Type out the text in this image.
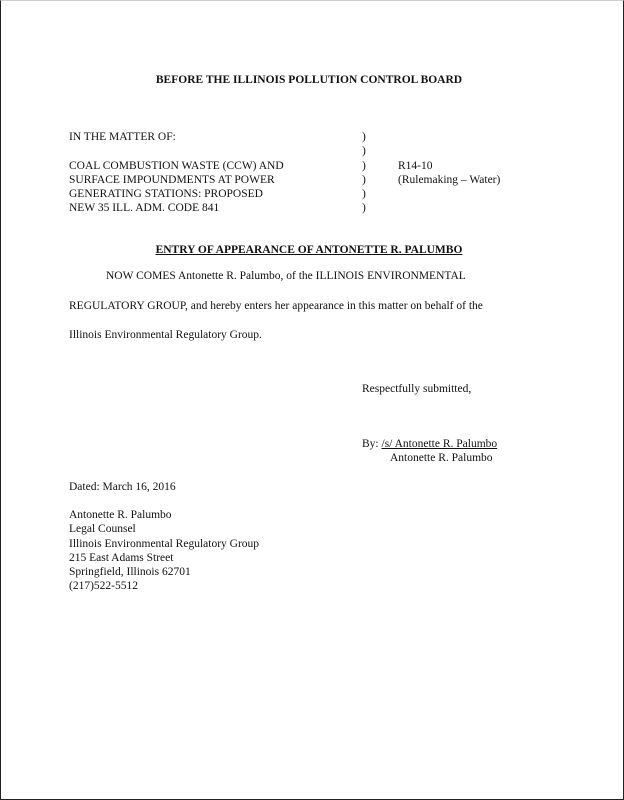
BEFORE THE ILLINOIS POLLUTION CONTROL BOARD
IN THE MATTER OF:
COAL COMBUSTION WASTE (CCW) AND
SURFACE IMPOUNDMENTS AT POWER
GENERATING STATIONS: PROPOSED
NEW 35 ILL. ADM. CODE 841
)
)
)
)
)
)
R14-10
(Rulemaking – Water)
ENTRY OF APPEARANCE OF ANTONETTE R. PALUMBO
NOW COMES Antonette R. Palumbo, of the ILLINOIS ENVIRONMENTAL
REGULATORY GROUP, and hereby enters her appearance in this matter on behalf of the
Illinois Environmental Regulatory Group.
Respectfully submitted,
By: /s/ Antonette R. Palumbo
Antonette R. Palumbo
Dated: March 16, 2016
Antonette R. Palumbo
Legal Counsel
Illinois Environmental Regulatory Group
215 East Adams Street
Springfield, Illinois 62701
(217)522-5512
